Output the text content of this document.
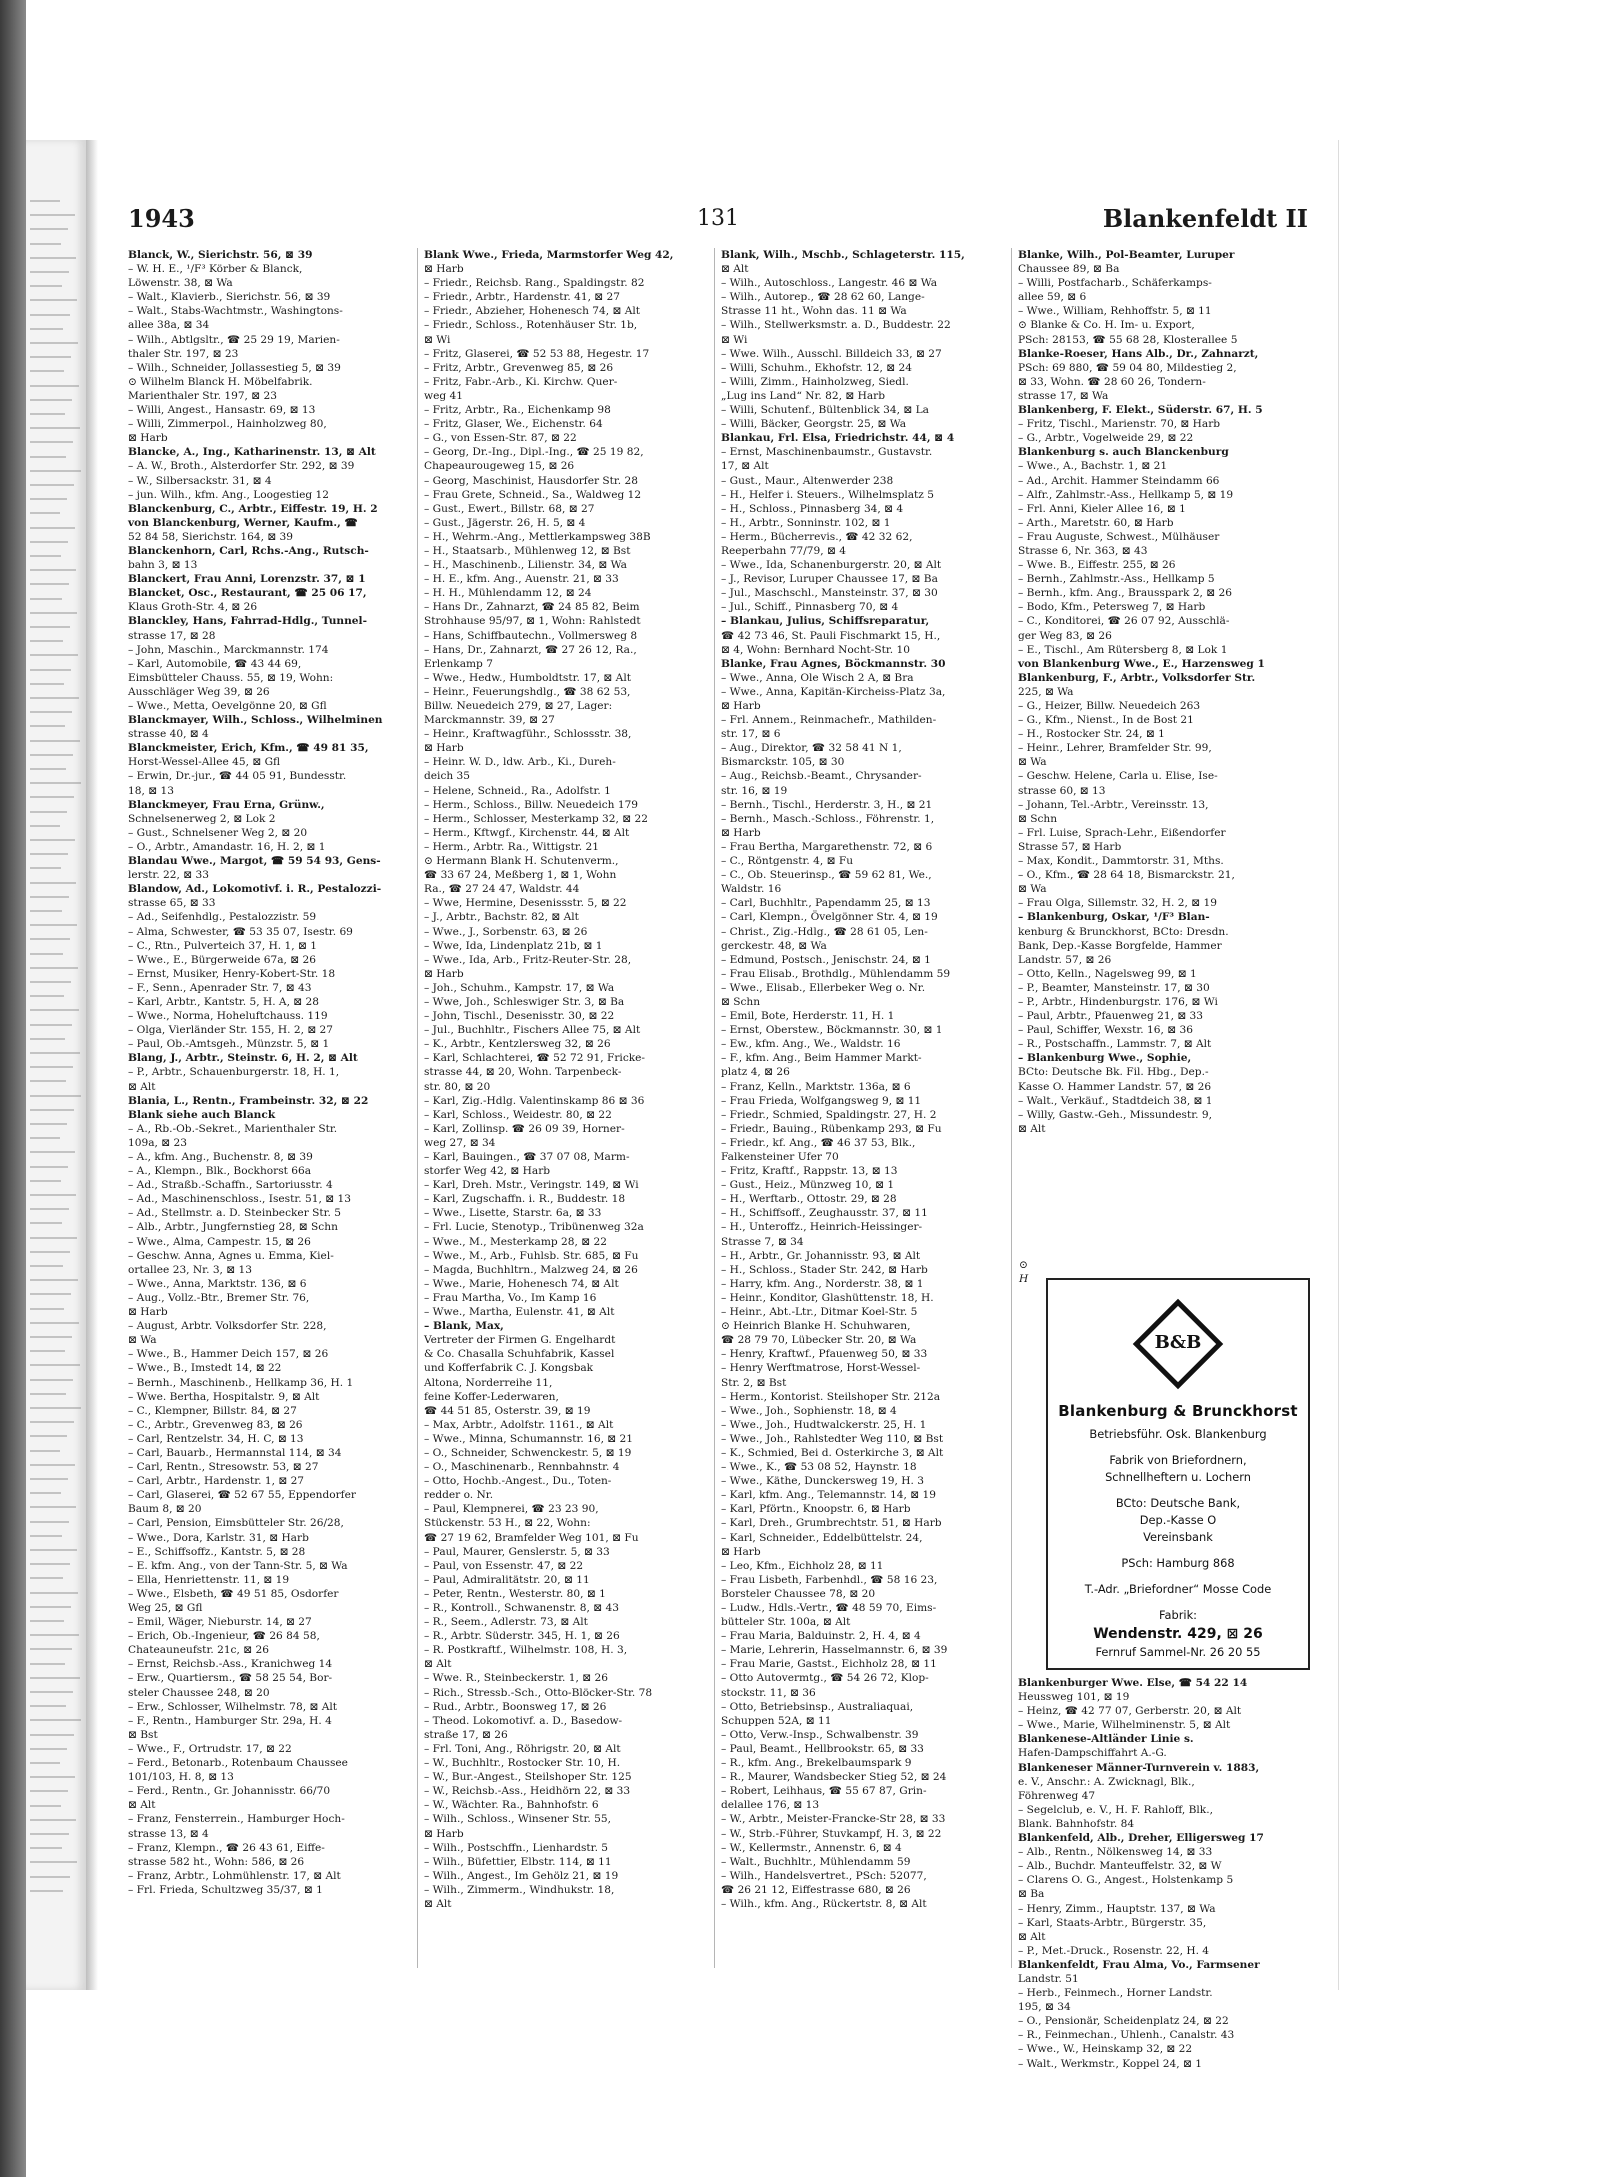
1943	131	Blankenfeldt II
Blanck, W., Sierichstr. 56, ⊠ 39
– W. H. E., ¹/F³ Körber & Blanck,
Löwenstr. 38, ⊠ Wa
– Walt., Klavierb., Sierichstr. 56, ⊠ 39
– Walt., Stabs-Wachtmstr., Washingtons-
allee 38a, ⊠ 34
– Wilh., Abtlgsltr., ☎ 25 29 19, Marien-
thaler Str. 197, ⊠ 23
– Wilh., Schneider, Jollassestieg 5, ⊠ 39
⊙ Wilhelm Blanck H. Möbelfabrik.
Marienthaler Str. 197, ⊠ 23
– Willi, Angest., Hansastr. 69, ⊠ 13
– Willi, Zimmerpol., Hainholzweg 80,
⊠ Harb
Blancke, A., Ing., Katharinenstr. 13, ⊠ Alt
– A. W., Broth., Alsterdorfer Str. 292, ⊠ 39
– W., Silbersackstr. 31, ⊠ 4
– jun. Wilh., kfm. Ang., Loogestieg 12
Blanckenburg, C., Arbtr., Eiffestr. 19, H. 2
von Blanckenburg, Werner, Kaufm., ☎
52 84 58, Sierichstr. 164, ⊠ 39
Blanckenhorn, Carl, Rchs.-Ang., Rutsch-
bahn 3, ⊠ 13
Blanckert, Frau Anni, Lorenzstr. 37, ⊠ 1
Blancket, Osc., Restaurant, ☎ 25 06 17,
Klaus Groth-Str. 4, ⊠ 26
Blanckley, Hans, Fahrrad-Hdlg., Tunnel-
strasse 17, ⊠ 28
– John, Maschin., Marckmannstr. 174
– Karl, Automobile, ☎ 43 44 69,
Eimsbütteler Chauss. 55, ⊠ 19, Wohn:
Ausschläger Weg 39, ⊠ 26
– Wwe., Metta, Oevelgönne 20, ⊠ Gfl
Blanckmayer, Wilh., Schloss., Wilhelminen
strasse 40, ⊠ 4
Blanckmeister, Erich, Kfm., ☎ 49 81 35,
Horst-Wessel-Allee 45, ⊠ Gfl
– Erwin, Dr.-jur., ☎ 44 05 91, Bundesstr.
18, ⊠ 13
Blanckmeyer, Frau Erna, Grünw.,
Schnelsenerweg 2, ⊠ Lok 2
– Gust., Schnelsener Weg 2, ⊠ 20
– O., Arbtr., Amandastr. 16, H. 2, ⊠ 1
Blandau Wwe., Margot, ☎ 59 54 93, Gens-
lerstr. 22, ⊠ 33
Blandow, Ad., Lokomotivf. i. R., Pestalozzi-
strasse 65, ⊠ 33
– Ad., Seifenhdlg., Pestalozzistr. 59
– Alma, Schwester, ☎ 53 35 07, Isestr. 69
– C., Rtn., Pulverteich 37, H. 1, ⊠ 1
– Wwe., E., Bürgerweide 67a, ⊠ 26
– Ernst, Musiker, Henry-Kobert-Str. 18
– F., Senn., Apenrader Str. 7, ⊠ 43
– Karl, Arbtr., Kantstr. 5, H. A, ⊠ 28
– Wwe., Norma, Hoheluftchauss. 119
– Olga, Vierländer Str. 155, H. 2, ⊠ 27
– Paul, Ob.-Amtsgeh., Münzstr. 5, ⊠ 1
Blang, J., Arbtr., Steinstr. 6, H. 2, ⊠ Alt
– P., Arbtr., Schauenburgerstr. 18, H. 1,
⊠ Alt
Blania, L., Rentn., Frambeinstr. 32, ⊠ 22
Blank siehe auch Blanck
– A., Rb.-Ob.-Sekret., Marienthaler Str.
109a, ⊠ 23
– A., kfm. Ang., Buchenstr. 8, ⊠ 39
– A., Klempn., Blk., Bockhorst 66a
– Ad., Straßb.-Schaffn., Sartoriusstr. 4
– Ad., Maschinenschloss., Isestr. 51, ⊠ 13
– Ad., Stellmstr. a. D. Steinbecker Str. 5
– Alb., Arbtr., Jungfernstieg 28, ⊠ Schn
– Wwe., Alma, Campestr. 15, ⊠ 26
– Geschw. Anna, Agnes u. Emma, Kiel-
ortallee 23, Nr. 3, ⊠ 13
– Wwe., Anna, Marktstr. 136, ⊠ 6
– Aug., Vollz.-Btr., Bremer Str. 76,
⊠ Harb
– August, Arbtr. Volksdorfer Str. 228,
⊠ Wa
– Wwe., B., Hammer Deich 157, ⊠ 26
– Wwe., B., Imstedt 14, ⊠ 22
– Bernh., Maschinenb., Hellkamp 36, H. 1
– Wwe. Bertha, Hospitalstr. 9, ⊠ Alt
– C., Klempner, Billstr. 84, ⊠ 27
– C., Arbtr., Grevenweg 83, ⊠ 26
– Carl, Rentzelstr. 34, H. C, ⊠ 13
– Carl, Bauarb., Hermannstal 114, ⊠ 34
– Carl, Rentn., Stresowstr. 53, ⊠ 27
– Carl, Arbtr., Hardenstr. 1, ⊠ 27
– Carl, Glaserei, ☎ 52 67 55, Eppendorfer
Baum 8, ⊠ 20
– Carl, Pension, Eimsbütteler Str. 26/28,
– Wwe., Dora, Karlstr. 31, ⊠ Harb
– E., Schiffsoffz., Kantstr. 5, ⊠ 28
– E. kfm. Ang., von der Tann-Str. 5, ⊠ Wa
– Ella, Henriettenstr. 11, ⊠ 19
– Wwe., Elsbeth, ☎ 49 51 85, Osdorfer
Weg 25, ⊠ Gfl
– Emil, Wäger, Nieburstr. 14, ⊠ 27
– Erich, Ob.-Ingenieur, ☎ 26 84 58,
Chateauneufstr. 21c, ⊠ 26
– Ernst, Reichsb.-Ass., Kranichweg 14
– Erw., Quartiersm., ☎ 58 25 54, Bor-
steler Chaussee 248, ⊠ 20
– Erw., Schlosser, Wilhelmstr. 78, ⊠ Alt
– F., Rentn., Hamburger Str. 29a, H. 4
⊠ Bst
– Wwe., F., Ortrudstr. 17, ⊠ 22
– Ferd., Betonarb., Rotenbaum Chaussee
101/103, H. 8, ⊠ 13
– Ferd., Rentn., Gr. Johannisstr. 66/70
⊠ Alt
– Franz, Fensterrein., Hamburger Hoch-
strasse 13, ⊠ 4
– Franz, Klempn., ☎ 26 43 61, Eiffe-
strasse 582 ht., Wohn: 586, ⊠ 26
– Franz, Arbtr., Lohmühlenstr. 17, ⊠ Alt
– Frl. Frieda, Schultzweg 35/37, ⊠ 1
Blank Wwe., Frieda, Marmstorfer Weg 42,
⊠ Harb
– Friedr., Reichsb. Rang., Spaldingstr. 82
– Friedr., Arbtr., Hardenstr. 41, ⊠ 27
– Friedr., Abzieher, Hohenesch 74, ⊠ Alt
– Friedr., Schloss., Rotenhäuser Str. 1b,
⊠ Wi
– Fritz, Glaserei, ☎ 52 53 88, Hegestr. 17
– Fritz, Arbtr., Grevenweg 85, ⊠ 26
– Fritz, Fabr.-Arb., Ki. Kirchw. Quer-
weg 41
– Fritz, Arbtr., Ra., Eichenkamp 98
– Fritz, Glaser, We., Eichenstr. 64
– G., von Essen-Str. 87, ⊠ 22
– Georg, Dr.-Ing., Dipl.-Ing., ☎ 25 19 82,
Chapeaurougeweg 15, ⊠ 26
– Georg, Maschinist, Hausdorfer Str. 28
– Frau Grete, Schneid., Sa., Waldweg 12
– Gust., Ewert., Billstr. 68, ⊠ 27
– Gust., Jägerstr. 26, H. 5, ⊠ 4
– H., Wehrm.-Ang., Mettlerkampsweg 38B
– H., Staatsarb., Mühlenweg 12, ⊠ Bst
– H., Maschinenb., Lilienstr. 34, ⊠ Wa
– H. E., kfm. Ang., Auenstr. 21, ⊠ 33
– H. H., Mühlendamm 12, ⊠ 24
– Hans Dr., Zahnarzt, ☎ 24 85 82, Beim
Strohhause 95/97, ⊠ 1, Wohn: Rahlstedt
– Hans, Schiffbautechn., Vollmersweg 8
– Hans, Dr., Zahnarzt, ☎ 27 26 12, Ra.,
Erlenkamp 7
– Wwe., Hedw., Humboldtstr. 17, ⊠ Alt
– Heinr., Feuerungshdlg., ☎ 38 62 53,
Billw. Neuedeich 279, ⊠ 27, Lager:
Marckmannstr. 39, ⊠ 27
– Heinr., Kraftwagführ., Schlossstr. 38,
⊠ Harb
– Heinr. W. D., ldw. Arb., Ki., Dureh-
deich 35
– Helene, Schneid., Ra., Adolfstr. 1
– Herm., Schloss., Billw. Neuedeich 179
– Herm., Schlosser, Mesterkamp 32, ⊠ 22
– Herm., Kftwgf., Kirchenstr. 44, ⊠ Alt
– Herm., Arbtr. Ra., Wittigstr. 21
⊙ Hermann Blank H. Schutenverm.,
☎ 33 67 24, Meßberg 1, ⊠ 1, Wohn
Ra., ☎ 27 24 47, Waldstr. 44
– Wwe, Hermine, Desenissstr. 5, ⊠ 22
– J., Arbtr., Bachstr. 82, ⊠ Alt
– Wwe., J., Sorbenstr. 63, ⊠ 26
– Wwe, Ida, Lindenplatz 21b, ⊠ 1
– Wwe., Ida, Arb., Fritz-Reuter-Str. 28,
⊠ Harb
– Joh., Schuhm., Kampstr. 17, ⊠ Wa
– Wwe, Joh., Schleswiger Str. 3, ⊠ Ba
– John, Tischl., Desenisstr. 30, ⊠ 22
– Jul., Buchhltr., Fischers Allee 75, ⊠ Alt
– K., Arbtr., Kentzlersweg 32, ⊠ 26
– Karl, Schlachterei, ☎ 52 72 91, Fricke-
strasse 44, ⊠ 20, Wohn. Tarpenbeck-
str. 80, ⊠ 20
– Karl, Zig.-Hdlg. Valentinskamp 86 ⊠ 36
– Karl, Schloss., Weidestr. 80, ⊠ 22
– Karl, Zollinsp. ☎ 26 09 39, Horner-
weg 27, ⊠ 34
– Karl, Bauingen., ☎ 37 07 08, Marm-
storfer Weg 42, ⊠ Harb
– Karl, Dreh. Mstr., Veringstr. 149, ⊠ Wi
– Karl, Zugschaffn. i. R., Buddestr. 18
– Wwe., Lisette, Starstr. 6a, ⊠ 33
– Frl. Lucie, Stenotyp., Tribünenweg 32a
– Wwe., M., Mesterkamp 28, ⊠ 22
– Wwe., M., Arb., Fuhlsb. Str. 685, ⊠ Fu
– Magda, Buchhltrn., Malzweg 24, ⊠ 26
– Wwe., Marie, Hohenesch 74, ⊠ Alt
– Frau Martha, Vo., Im Kamp 16
– Wwe., Martha, Eulenstr. 41, ⊠ Alt
– Blank, Max,
Vertreter der Firmen G. Engelhardt
& Co. Chasalla Schuhfabrik, Kassel
und Kofferfabrik C. J. Kongsbak
Altona, Norderreihe 11,
feine Koffer-Lederwaren,
☎ 44 51 85, Osterstr. 39, ⊠ 19
– Max, Arbtr., Adolfstr. 1161., ⊠ Alt
– Wwe., Minna, Schumannstr. 16, ⊠ 21
– O., Schneider, Schwenckestr. 5, ⊠ 19
– O., Maschinenarb., Rennbahnstr. 4
– Otto, Hochb.-Angest., Du., Toten-
redder o. Nr.
– Paul, Klempnerei, ☎ 23 23 90,
Stückenstr. 53 H., ⊠ 22, Wohn:
☎ 27 19 62, Bramfelder Weg 101, ⊠ Fu
– Paul, Maurer, Genslerstr. 5, ⊠ 33
– Paul, von Essenstr. 47, ⊠ 22
– Paul, Admiralitätstr. 20, ⊠ 11
– Peter, Rentn., Westerstr. 80, ⊠ 1
– R., Kontroll., Schwanenstr. 8, ⊠ 43
– R., Seem., Adlerstr. 73, ⊠ Alt
– R., Arbtr. Süderstr. 345, H. 1, ⊠ 26
– R. Postkraftf., Wilhelmstr. 108, H. 3,
⊠ Alt
– Wwe. R., Steinbeckerstr. 1, ⊠ 26
– Rich., Stressb.-Sch., Otto-Blöcker-Str. 78
– Rud., Arbtr., Boonsweg 17, ⊠ 26
– Theod. Lokomotivf. a. D., Basedow-
straße 17, ⊠ 26
– Frl. Toni, Ang., Röhrigstr. 20, ⊠ Alt
– W., Buchhltr., Rostocker Str. 10, H.
– W., Bur.-Angest., Steilshoper Str. 125
– W., Reichsb.-Ass., Heidhörn 22, ⊠ 33
– W., Wächter. Ra., Bahnhofstr. 6
– Wilh., Schloss., Winsener Str. 55,
⊠ Harb
– Wilh., Postschffn., Lienhardstr. 5
– Wilh., Büfettier, Elbstr. 114, ⊠ 11
– Wilh., Angest., Im Gehölz 21, ⊠ 19
– Wilh., Zimmerm., Windhukstr. 18,
⊠ Alt
Blank, Wilh., Mschb., Schlageterstr. 115,
⊠ Alt
– Wilh., Autoschloss., Langestr. 46 ⊠ Wa
– Wilh., Autorep., ☎ 28 62 60, Lange-
Strasse 11 ht., Wohn das. 11 ⊠ Wa
– Wilh., Stellwerksmstr. a. D., Buddestr. 22
⊠ Wi
– Wwe. Wilh., Ausschl. Billdeich 33, ⊠ 27
– Willi, Schuhm., Ekhofstr. 12, ⊠ 24
– Willi, Zimm., Hainholzweg, Siedl.
„Lug ins Land“ Nr. 82, ⊠ Harb
– Willi, Schutenf., Bültenblick 34, ⊠ La
– Willi, Bäcker, Georgstr. 25, ⊠ Wa
Blankau, Frl. Elsa, Friedrichstr. 44, ⊠ 4
– Ernst, Maschinenbaumstr., Gustavstr.
17, ⊠ Alt
– Gust., Maur., Altenwerder 238
– H., Helfer i. Steuers., Wilhelmsplatz 5
– H., Schloss., Pinnasberg 34, ⊠ 4
– H., Arbtr., Sonninstr. 102, ⊠ 1
– Herm., Bücherrevis., ☎ 42 32 62,
Reeperbahn 77/79, ⊠ 4
– Wwe., Ida, Schanenburgerstr. 20, ⊠ Alt
– J., Revisor, Luruper Chaussee 17, ⊠ Ba
– Jul., Maschschl., Mansteinstr. 37, ⊠ 30
– Jul., Schiff., Pinnasberg 70, ⊠ 4
– Blankau, Julius, Schiffsreparatur,
☎ 42 73 46, St. Pauli Fischmarkt 15, H.,
⊠ 4, Wohn: Bernhard Nocht-Str. 10
Blanke, Frau Agnes, Böckmannstr. 30
– Wwe., Anna, Ole Wisch 2 A, ⊠ Bra
– Wwe., Anna, Kapitän-Kircheiss-Platz 3a,
⊠ Harb
– Frl. Annem., Reinmachefr., Mathilden-
str. 17, ⊠ 6
– Aug., Direktor, ☎ 32 58 41 N 1,
Bismarckstr. 105, ⊠ 30
– Aug., Reichsb.-Beamt., Chrysander-
str. 16, ⊠ 19
– Bernh., Tischl., Herderstr. 3, H., ⊠ 21
– Bernh., Masch.-Schloss., Föhrenstr. 1,
⊠ Harb
– Frau Bertha, Margarethenstr. 72, ⊠ 6
– C., Röntgenstr. 4, ⊠ Fu
– C., Ob. Steuerinsp., ☎ 59 62 81, We.,
Waldstr. 16
– Carl, Buchhltr., Papendamm 25, ⊠ 13
– Carl, Klempn., Övelgönner Str. 4, ⊠ 19
– Christ., Zig.-Hdlg., ☎ 28 61 05, Len-
gerckestr. 48, ⊠ Wa
– Edmund, Postsch., Jenischstr. 24, ⊠ 1
– Frau Elisab., Brothdlg., Mühlendamm 59
– Wwe., Elisab., Ellerbeker Weg o. Nr.
⊠ Schn
– Emil, Bote, Herderstr. 11, H. 1
– Ernst, Oberstew., Böckmannstr. 30, ⊠ 1
– Ew., kfm. Ang., We., Waldstr. 16
– F., kfm. Ang., Beim Hammer Markt-
platz 4, ⊠ 26
– Franz, Kelln., Marktstr. 136a, ⊠ 6
– Frau Frieda, Wolfgangsweg 9, ⊠ 11
– Friedr., Schmied, Spaldingstr. 27, H. 2
– Friedr., Bauing., Rübenkamp 293, ⊠ Fu
– Friedr., kf. Ang., ☎ 46 37 53, Blk.,
Falkensteiner Ufer 70
– Fritz, Kraftf., Rappstr. 13, ⊠ 13
– Gust., Heiz., Münzweg 10, ⊠ 1
– H., Werftarb., Ottostr. 29, ⊠ 28
– H., Schiffsoff., Zeughausstr. 37, ⊠ 11
– H., Unteroffz., Heinrich-Heissinger-
Strasse 7, ⊠ 34
– H., Arbtr., Gr. Johannisstr. 93, ⊠ Alt
– H., Schloss., Stader Str. 242, ⊠ Harb
– Harry, kfm. Ang., Norderstr. 38, ⊠ 1
– Heinr., Konditor, Glashüttenstr. 18, H.
– Heinr., Abt.-Ltr., Ditmar Koel-Str. 5
⊙ Heinrich Blanke H. Schuhwaren,
☎ 28 79 70, Lübecker Str. 20, ⊠ Wa
– Henry, Kraftwf., Pfauenweg 50, ⊠ 33
– Henry Werftmatrose, Horst-Wessel-
Str. 2, ⊠ Bst
– Herm., Kontorist. Steilshoper Str. 212a
– Wwe., Joh., Sophienstr. 18, ⊠ 4
– Wwe., Joh., Hudtwalckerstr. 25, H. 1
– Wwe., Joh., Rahlstedter Weg 110, ⊠ Bst
– K., Schmied, Bei d. Osterkirche 3, ⊠ Alt
– Wwe., K., ☎ 53 08 52, Haynstr. 18
– Wwe., Käthe, Dunckersweg 19, H. 3
– Karl, kfm. Ang., Telemannstr. 14, ⊠ 19
– Karl, Pförtn., Knoopstr. 6, ⊠ Harb
– Karl, Dreh., Grumbrechtstr. 51, ⊠ Harb
– Karl, Schneider., Eddelbüttelstr. 24,
⊠ Harb
– Leo, Kfm., Eichholz 28, ⊠ 11
– Frau Lisbeth, Farbenhdl., ☎ 58 16 23,
Borsteler Chaussee 78, ⊠ 20
– Ludw., Hdls.-Vertr., ☎ 48 59 70, Eims-
bütteler Str. 100a, ⊠ Alt
– Frau Maria, Balduinstr. 2, H. 4, ⊠ 4
– Marie, Lehrerin, Hasselmannstr. 6, ⊠ 39
– Frau Marie, Gastst., Eichholz 28, ⊠ 11
– Otto Autovermtg., ☎ 54 26 72, Klop-
stockstr. 11, ⊠ 36
– Otto, Betriebsinsp., Australiaquai,
Schuppen 52A, ⊠ 11
– Otto, Verw.-Insp., Schwalbenstr. 39
– Paul, Beamt., Hellbrookstr. 65, ⊠ 33
– R., kfm. Ang., Brekelbaumspark 9
– R., Maurer, Wandsbecker Stieg 52, ⊠ 24
– Robert, Leihhaus, ☎ 55 67 87, Grin-
delallee 176, ⊠ 13
– W., Arbtr., Meister-Francke-Str 28, ⊠ 33
– W., Strb.-Führer, Stuvkampf, H. 3, ⊠ 22
– W., Kellermstr., Annenstr. 6, ⊠ 4
– Walt., Buchhltr., Mühlendamm 59
– Wilh., Handelsvertret., PSch: 52077,
☎ 26 21 12, Eiffestrasse 680, ⊠ 26
– Wilh., kfm. Ang., Rückertstr. 8, ⊠ Alt
Blanke, Wilh., Pol-Beamter, Luruper
Chaussee 89, ⊠ Ba
– Willi, Postfacharb., Schäferkamps-
allee 59, ⊠ 6
– Wwe., William, Rehhoffstr. 5, ⊠ 11
⊙ Blanke & Co. H. Im- u. Export,
PSch: 28153, ☎ 55 68 28, Klosterallee 5
Blanke-Roeser, Hans Alb., Dr., Zahnarzt,
PSch: 69 880, ☎ 59 04 80, Mildestieg 2,
⊠ 33, Wohn. ☎ 28 60 26, Tondern-
strasse 17, ⊠ Wa
Blankenberg, F. Elekt., Süderstr. 67, H. 5
– Fritz, Tischl., Marienstr. 70, ⊠ Harb
– G., Arbtr., Vogelweide 29, ⊠ 22
Blankenburg s. auch Blanckenburg
– Wwe., A., Bachstr. 1, ⊠ 21
– Ad., Archit. Hammer Steindamm 66
– Alfr., Zahlmstr.-Ass., Hellkamp 5, ⊠ 19
– Frl. Anni, Kieler Allee 16, ⊠ 1
– Arth., Maretstr. 60, ⊠ Harb
– Frau Auguste, Schwest., Mülhäuser
Strasse 6, Nr. 363, ⊠ 43
– Wwe. B., Eiffestr. 255, ⊠ 26
– Bernh., Zahlmstr.-Ass., Hellkamp 5
– Bernh., kfm. Ang., Brausspark 2, ⊠ 26
– Bodo, Kfm., Petersweg 7, ⊠ Harb
– C., Konditorei, ☎ 26 07 92, Ausschlä-
ger Weg 83, ⊠ 26
– E., Tischl., Am Rütersberg 8, ⊠ Lok 1
von Blankenburg Wwe., E., Harzensweg 1
Blankenburg, F., Arbtr., Volksdorfer Str.
225, ⊠ Wa
– G., Heizer, Billw. Neuedeich 263
– G., Kfm., Nienst., In de Bost 21
– H., Rostocker Str. 24, ⊠ 1
– Heinr., Lehrer, Bramfelder Str. 99,
⊠ Wa
– Geschw. Helene, Carla u. Elise, Ise-
strasse 60, ⊠ 13
– Johann, Tel.-Arbtr., Vereinsstr. 13,
⊠ Schn
– Frl. Luise, Sprach-Lehr., Eißendorfer
Strasse 57, ⊠ Harb
– Max, Kondit., Dammtorstr. 31, Mths.
– O., Kfm., ☎ 28 64 18, Bismarckstr. 21,
⊠ Wa
– Frau Olga, Sillemstr. 32, H. 2, ⊠ 19
– Blankenburg, Oskar, ¹/F³ Blan-
kenburg & Brunckhorst, BCto: Dresdn.
Bank, Dep.-Kasse Borgfelde, Hammer
Landstr. 57, ⊠ 26
– Otto, Kelln., Nagelsweg 99, ⊠ 1
– P., Beamter, Mansteinstr. 17, ⊠ 30
– P., Arbtr., Hindenburgstr. 176, ⊠ Wi
– Paul, Arbtr., Pfauenweg 21, ⊠ 33
– Paul, Schiffer, Wexstr. 16, ⊠ 36
– R., Postschaffn., Lammstr. 7, ⊠ Alt
– Blankenburg Wwe., Sophie,
BCto: Deutsche Bk. Fil. Hbg., Dep.-
Kasse O. Hammer Landstr. 57, ⊠ 26
– Walt., Verkäuf., Stadtdeich 38, ⊠ 1
– Willy, Gastw.-Geh., Missundestr. 9,
⊠ Alt
Blankenburger Wwe. Else, ☎ 54 22 14
Heussweg 101, ⊠ 19
– Heinz, ☎ 42 77 07, Gerberstr. 20, ⊠ Alt
– Wwe., Marie, Wilhelminenstr. 5, ⊠ Alt
Blankenese-Altländer Linie s.
Hafen-Dampschiffahrt A.-G.
Blankeneser Männer-Turnverein v. 1883,
e. V., Anschr.: A. Zwicknagl, Blk.,
Föhrenweg 47
– Segelclub, e. V., H. F. Rahloff, Blk.,
Blank. Bahnhofstr. 84
Blankenfeld, Alb., Dreher, Elligersweg 17
– Alb., Rentn., Nölkensweg 14, ⊠ 33
– Alb., Buchdr. Manteuffelstr. 32, ⊠ W
– Clarens O. G., Angest., Holstenkamp 5
⊠ Ba
– Henry, Zimm., Hauptstr. 137, ⊠ Wa
– Karl, Staats-Arbtr., Bürgerstr. 35,
⊠ Alt
– P., Met.-Druck., Rosenstr. 22, H. 4
Blankenfeldt, Frau Alma, Vo., Farmsener
Landstr. 51
– Herb., Feinmech., Horner Landstr.
195, ⊠ 34
– O., Pensionär, Scheidenplatz 24, ⊠ 22
– R., Feinmechan., Uhlenh., Canalstr. 43
– Wwe., W., Heinskamp 32, ⊠ 22
– Walt., Werkmstr., Koppel 24, ⊠ 1
⊙
H
B&B
Blankenburg & Brunckhorst
Betriebsführ. Osk. Blankenburg
Fabrik von Briefordnern,
Schnellheftern u. Lochern
BCto: Deutsche Bank,
Dep.-Kasse O
Vereinsbank
PSch: Hamburg 868
T.-Adr. „Briefordner“ Mosse Code
Fabrik:
Wendenstr. 429, ⊠ 26
Fernruf Sammel-Nr. 26 20 55
